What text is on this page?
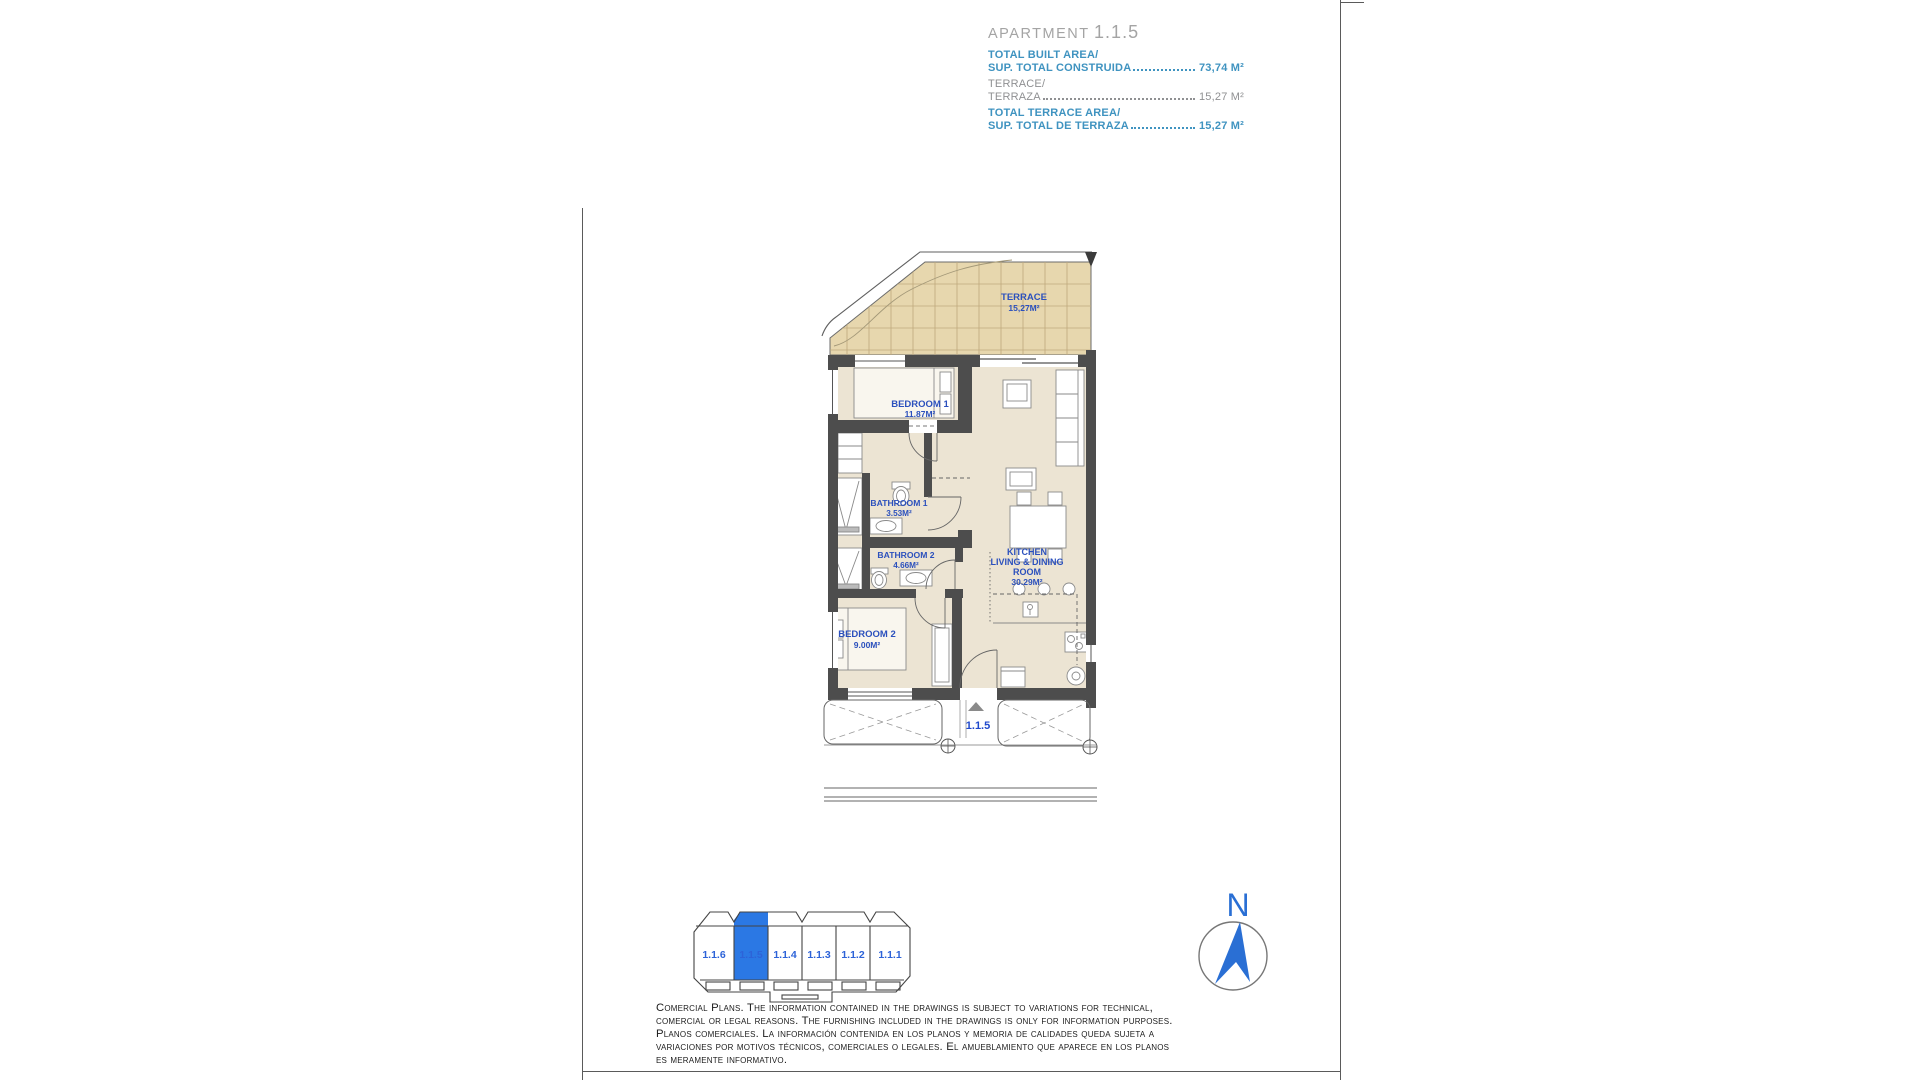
APARTMENT 1.1.5
TOTAL BUILT AREA/
SUP. TOTAL CONSTRUIDA	73,74 M²
TERRACE/
TERRAZA	15,27 M²
TOTAL TERRACE AREA/
SUP. TOTAL DE TERRAZA	15,27 M²
TERRACE
15,27M²
BEDROOM 1
11.87M²
BATHROOM 1
3.53M²
BATHROOM 2
4.66M²
BEDROOM 2
9.00M²
KITCHEN
LIVING & DINING
ROOM
30.29M²
1.1.5
1.1.6 1.1.5 1.1.4 1.1.3 1.1.2 1.1.1
N
Comercial Plans. The information contained in the drawings is subject to variations for technical,
comercial or legal reasons. The furnishing included in the drawings is only for information purposes.
Planos comerciales. La información contenida en los planos y memoria de calidades queda sujeta a
variaciones por motivos técnicos, comerciales o legales. El amueblamiento que aparece en los planos
es meramente informativo.
